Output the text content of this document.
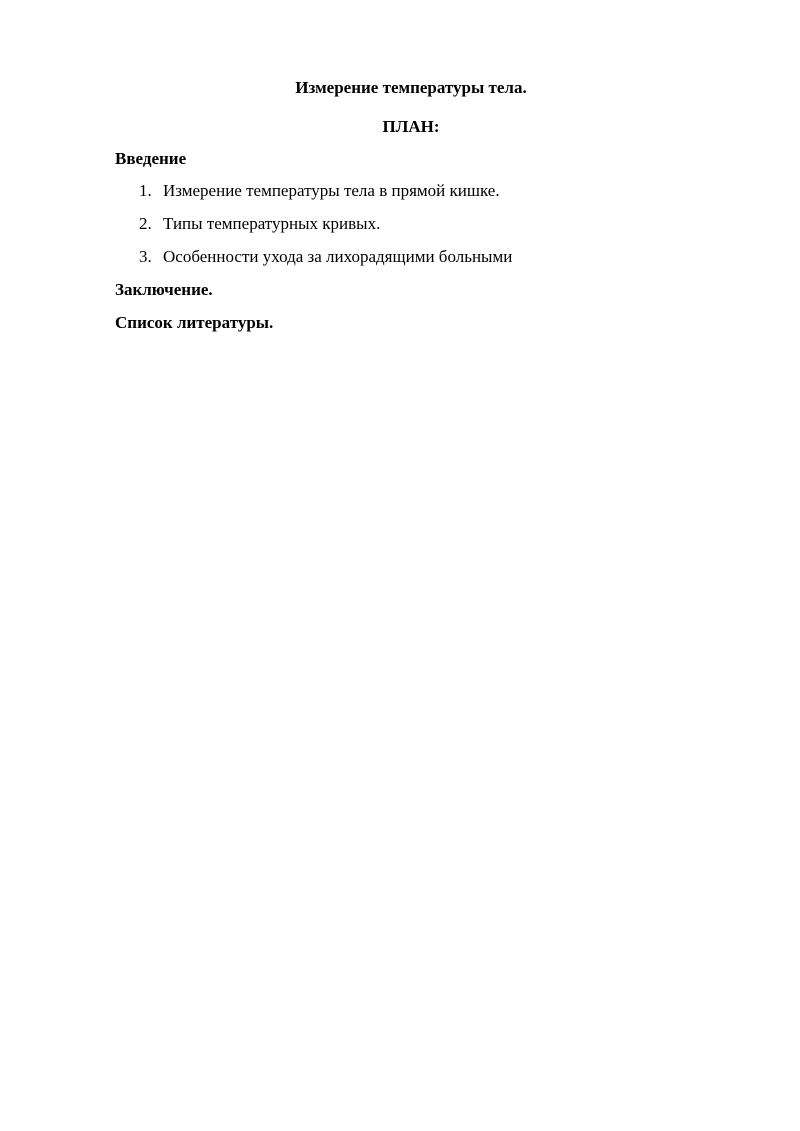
Измерение температуры тела.
ПЛАН:
Введение
1. Измерение температуры тела в прямой кишке.
2. Типы температурных кривых.
3. Особенности ухода за лихорадящими больными
Заключение.
Список литературы.
